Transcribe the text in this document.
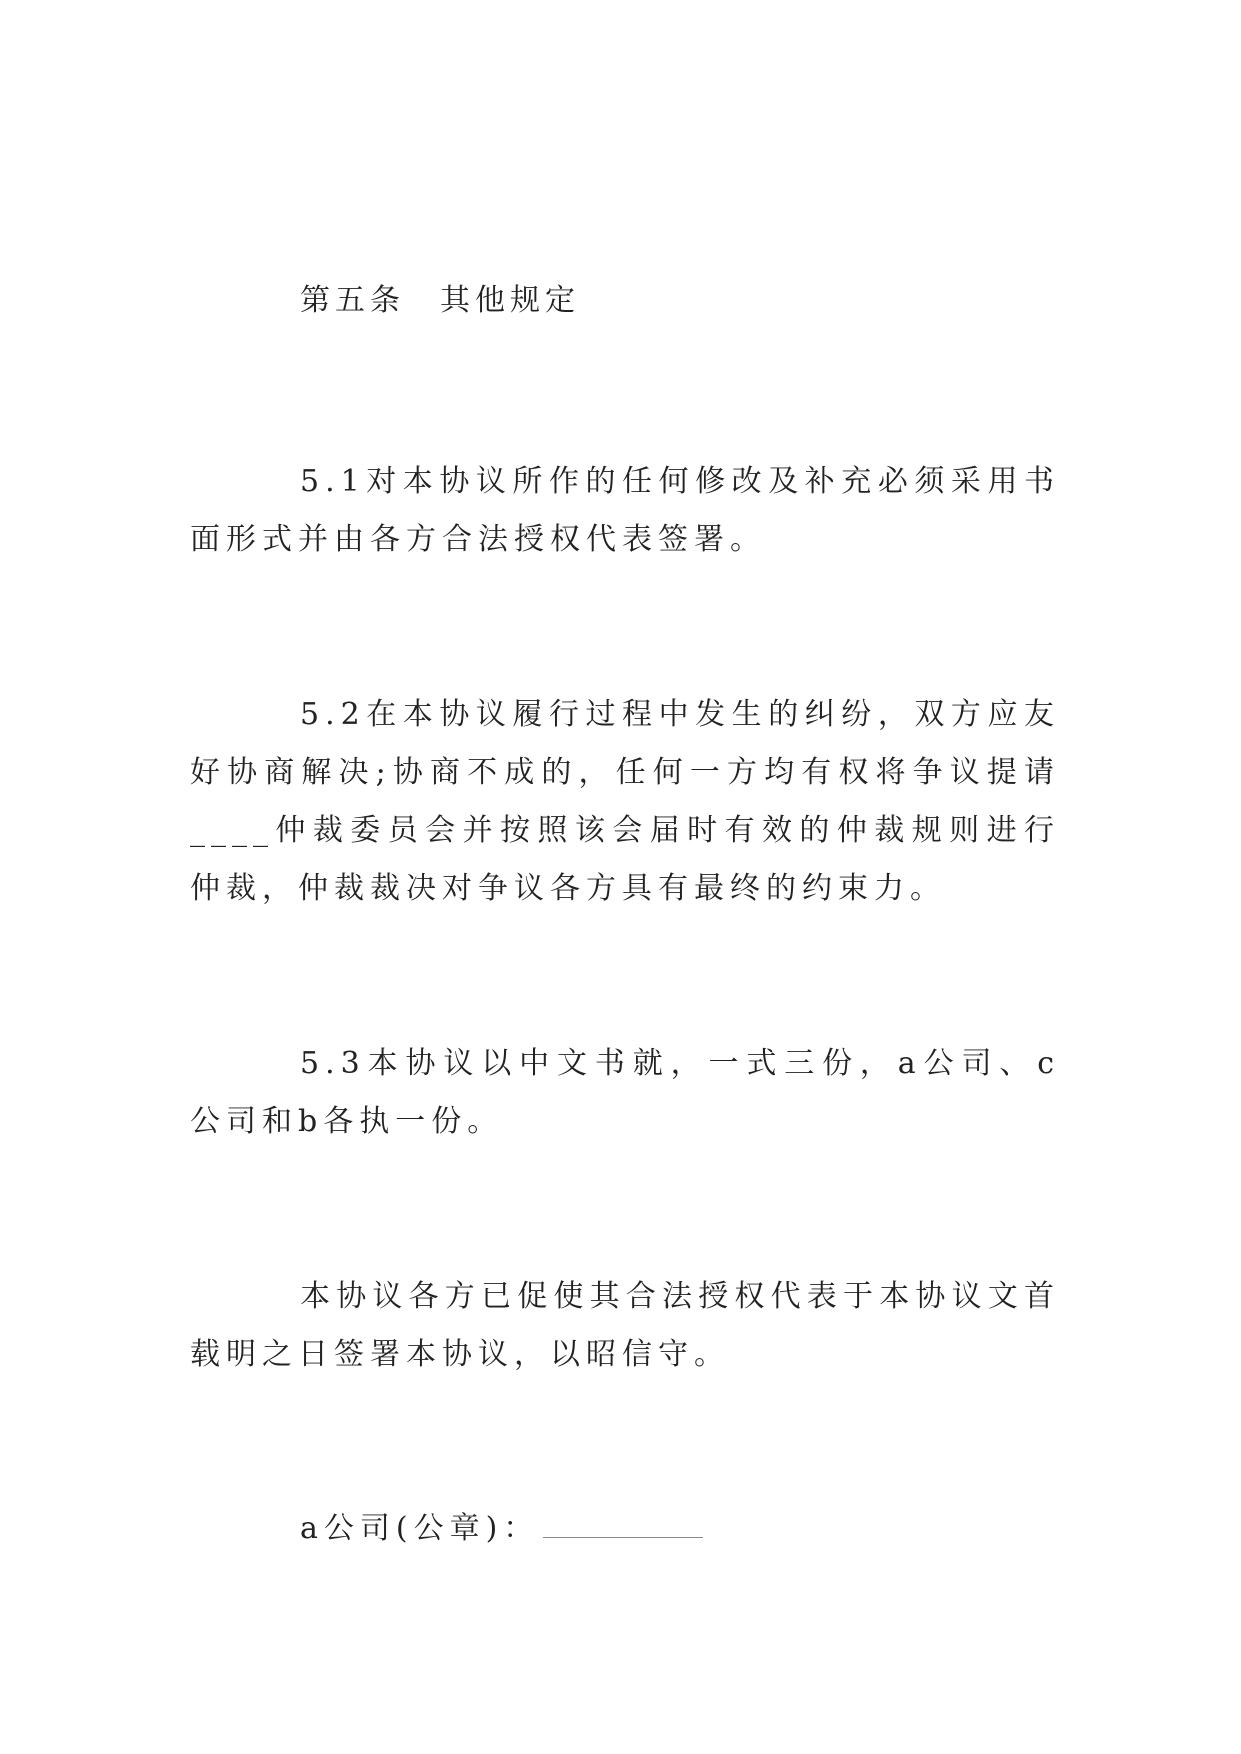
第五条　其他规定

5.1对本协议所作的任何修改及补充必须采用书面形式并由各方合法授权代表签署。

5.2在本协议履行过程中发生的纠纷，双方应友好协商解决;协商不成的，任何一方均有权将争议提请____仲裁委员会并按照该会届时有效的仲裁规则进行仲裁，仲裁裁决对争议各方具有最终的约束力。

5.3本协议以中文书就，一式三份，a公司、c公司和b各执一份。

本协议各方已促使其合法授权代表于本协议文首载明之日签署本协议，以昭信守。

a公司(公章)：
